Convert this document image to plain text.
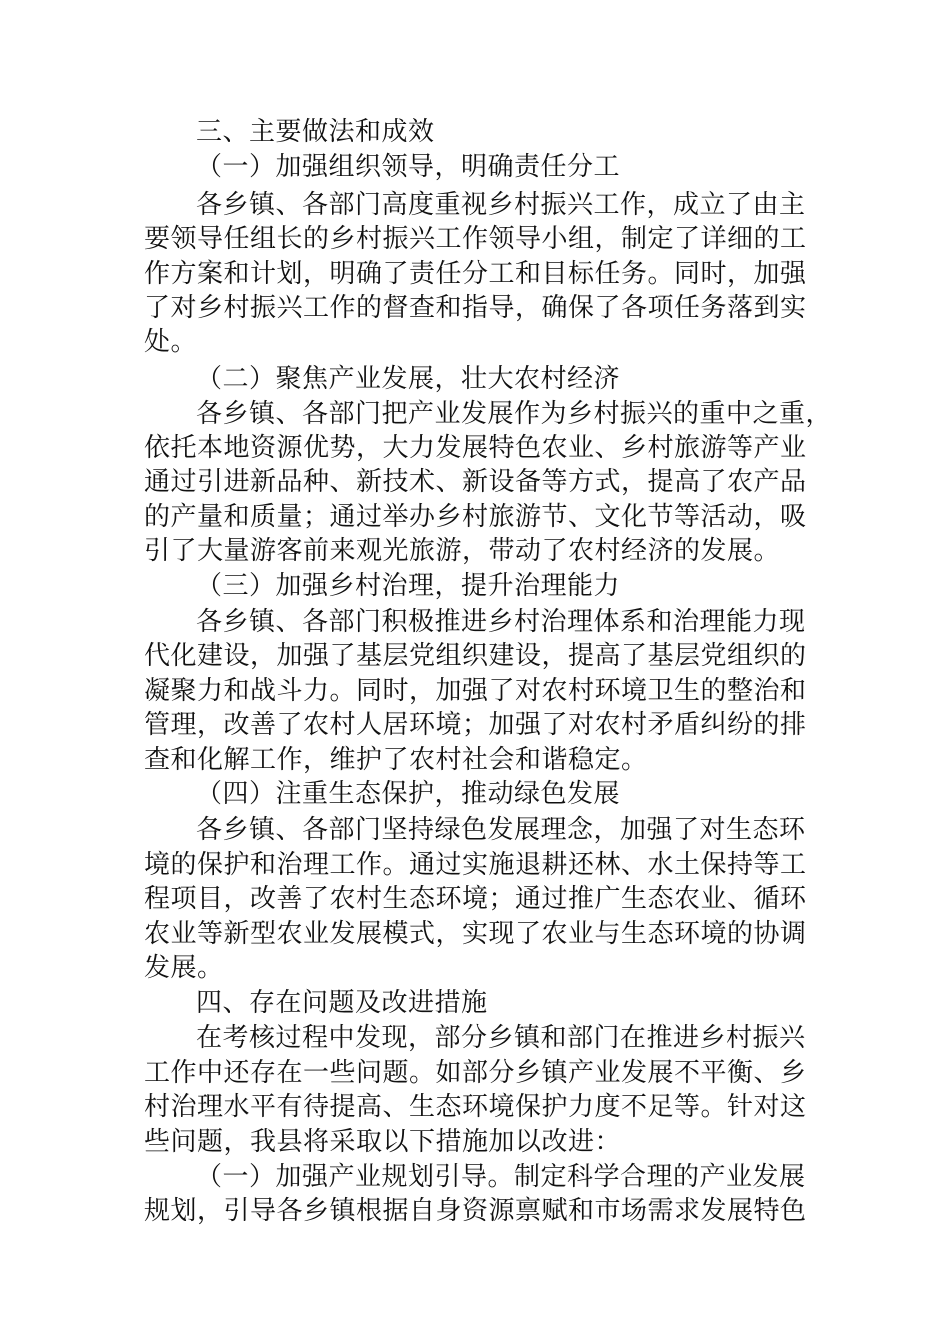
三、主要做法和成效
（一）加强组织领导，明确责任分工
各乡镇、各部门高度重视乡村振兴工作，成立了由主
要领导任组长的乡村振兴工作领导小组，制定了详细的工
作方案和计划，明确了责任分工和目标任务。同时，加强
了对乡村振兴工作的督查和指导，确保了各项任务落到实
处。
（二）聚焦产业发展，壮大农村经济
各乡镇、各部门把产业发展作为乡村振兴的重中之重，
依托本地资源优势，大力发展特色农业、乡村旅游等产业
通过引进新品种、新技术、新设备等方式，提高了农产品
的产量和质量；通过举办乡村旅游节、文化节等活动，吸
引了大量游客前来观光旅游，带动了农村经济的发展。
（三）加强乡村治理，提升治理能力
各乡镇、各部门积极推进乡村治理体系和治理能力现
代化建设，加强了基层党组织建设，提高了基层党组织的
凝聚力和战斗力。同时，加强了对农村环境卫生的整治和
管理，改善了农村人居环境；加强了对农村矛盾纠纷的排
查和化解工作，维护了农村社会和谐稳定。
（四）注重生态保护，推动绿色发展
各乡镇、各部门坚持绿色发展理念，加强了对生态环
境的保护和治理工作。通过实施退耕还林、水土保持等工
程项目，改善了农村生态环境；通过推广生态农业、循环
农业等新型农业发展模式，实现了农业与生态环境的协调
发展。
四、存在问题及改进措施
在考核过程中发现，部分乡镇和部门在推进乡村振兴
工作中还存在一些问题。如部分乡镇产业发展不平衡、乡
村治理水平有待提高、生态环境保护力度不足等。针对这
些问题，我县将采取以下措施加以改进：
（一）加强产业规划引导。制定科学合理的产业发展
规划，引导各乡镇根据自身资源禀赋和市场需求发展特色
